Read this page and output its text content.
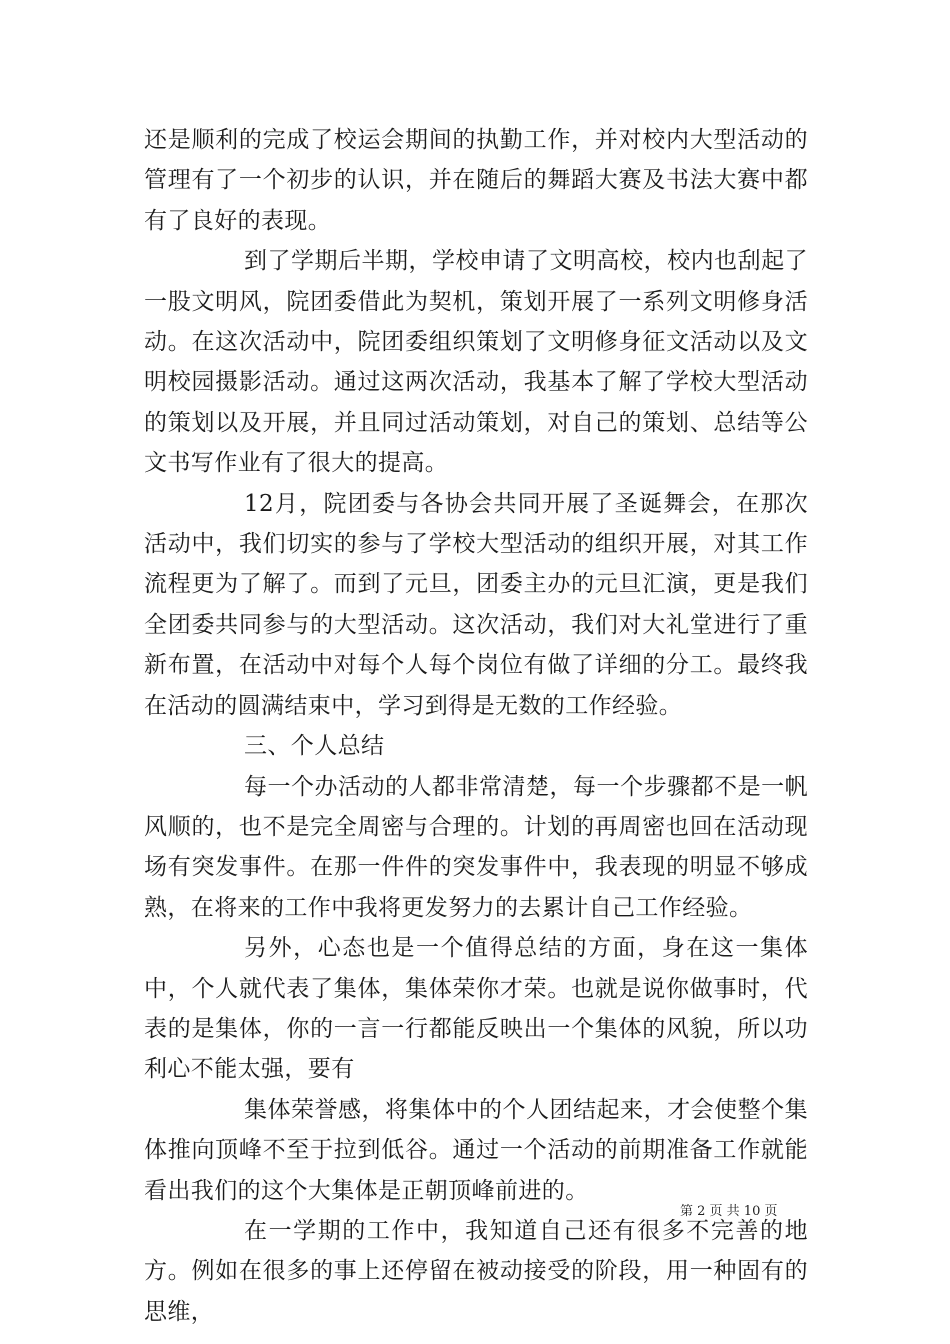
还是顺利的完成了校运会期间的执勤工作，并对校内大型活动的管理有了一个初步的认识，并在随后的舞蹈大赛及书法大赛中都有了良好的表现。

到了学期后半期，学校申请了文明高校，校内也刮起了一股文明风，院团委借此为契机，策划开展了一系列文明修身活动。在这次活动中，院团委组织策划了文明修身征文活动以及文明校园摄影活动。通过这两次活动，我基本了解了学校大型活动的策划以及开展，并且同过活动策划，对自己的策划、总结等公文书写作业有了很大的提高。

12月，院团委与各协会共同开展了圣诞舞会，在那次活动中，我们切实的参与了学校大型活动的组织开展，对其工作流程更为了解了。而到了元旦，团委主办的元旦汇演，更是我们全团委共同参与的大型活动。这次活动，我们对大礼堂进行了重新布置，在活动中对每个人每个岗位有做了详细的分工。最终我在活动的圆满结束中，学习到得是无数的工作经验。

三、个人总结

每一个办活动的人都非常清楚，每一个步骤都不是一帆风顺的，也不是完全周密与合理的。计划的再周密也回在活动现场有突发事件。在那一件件的突发事件中，我表现的明显不够成熟，在将来的工作中我将更发努力的去累计自己工作经验。

另外，心态也是一个值得总结的方面，身在这一集体中，个人就代表了集体，集体荣你才荣。也就是说你做事时，代表的是集体，你的一言一行都能反映出一个集体的风貌，所以功利心不能太强，要有

集体荣誉感，将集体中的个人团结起来，才会使整个集体推向顶峰不至于拉到低谷。通过一个活动的前期准备工作就能看出我们的这个大集体是正朝顶峰前进的。

在一学期的工作中，我知道自己还有很多不完善的地方。例如在很多的事上还停留在被动接受的阶段，用一种固有的思维，

第 2 页 共 10 页
